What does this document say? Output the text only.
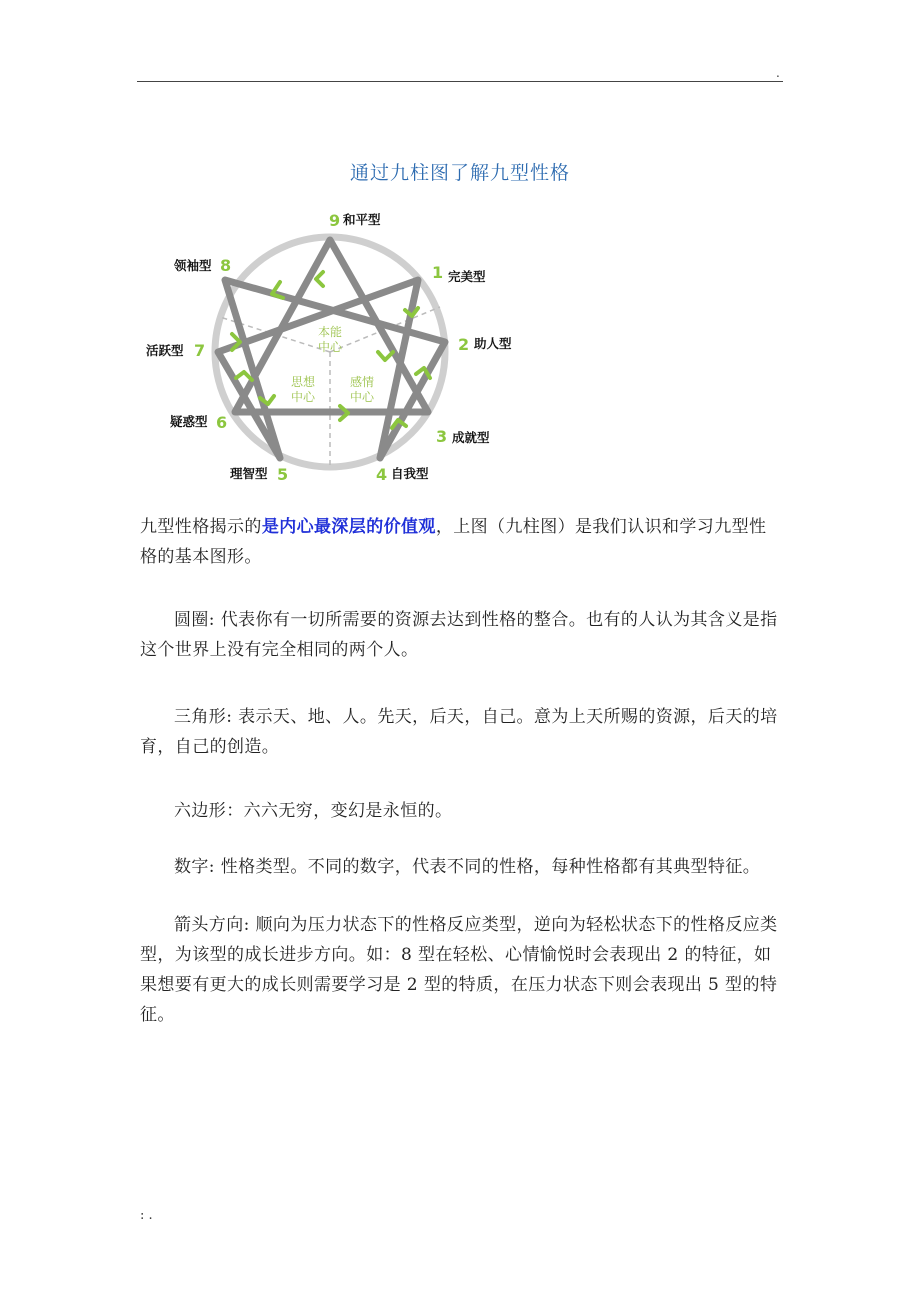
.
通过九柱图了解九型性格
本能
中心
思想
中心
感情
中心
9 和平型
1 完美型
2 助人型
3 成就型
4 自我型
理智型 5
疑惑型 6
活跃型 7
领袖型 8
九型性格揭示的是内心最深层的价值观，上图（九柱图）是我们认识和学习九型性格的基本图形。
圆圈: 代表你有一切所需要的资源去达到性格的整合。也有的人认为其含义是指这个世界上没有完全相同的两个人。
三角形: 表示天、地、人。先天，后天，自己。意为上天所赐的资源，后天的培育，自己的创造。
六边形：六六无穷，变幻是永恒的。
数字: 性格类型。不同的数字，代表不同的性格，每种性格都有其典型特征。
箭头方向: 顺向为压力状态下的性格反应类型，逆向为轻松状态下的性格反应类型，为该型的成长进步方向。如：8 型在轻松、心情愉悦时会表现出 2 的特征，如果想要有更大的成长则需要学习是 2 型的特质，在压力状态下则会表现出 5 型的特征。
: .
